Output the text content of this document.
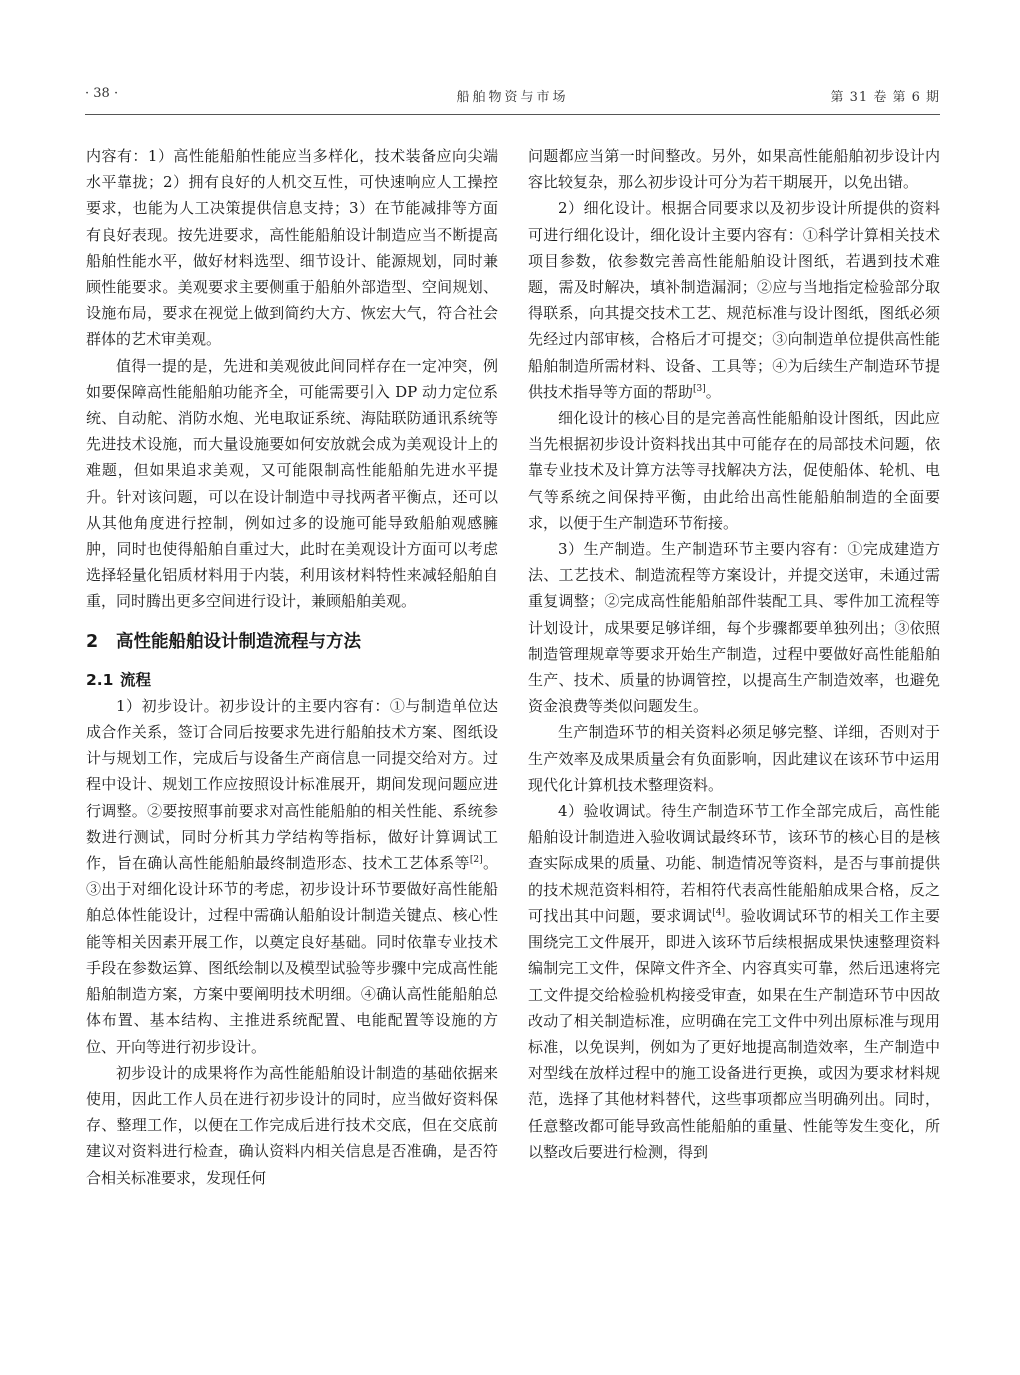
· 38 ·	船舶物资与市场	第 31 卷 第 6 期

内容有：1）高性能船舶性能应当多样化，技术装备应向尖端水平靠拢；2）拥有良好的人机交互性，可快速响应人工操控要求，也能为人工决策提供信息支持；3）在节能减排等方面有良好表现。按先进要求，高性能船舶设计制造应当不断提高船舶性能水平，做好材料选型、细节设计、能源规划，同时兼顾性能要求。美观要求主要侧重于船舶外部造型、空间规划、设施布局，要求在视觉上做到简约大方、恢宏大气，符合社会群体的艺术审美观。

值得一提的是，先进和美观彼此间同样存在一定冲突，例如要保障高性能船舶功能齐全，可能需要引入 DP 动力定位系统、自动舵、消防水炮、光电取证系统、海陆联防通讯系统等先进技术设施，而大量设施要如何安放就会成为美观设计上的难题，但如果追求美观，又可能限制高性能船舶先进水平提升。针对该问题，可以在设计制造中寻找两者平衡点，还可以从其他角度进行控制，例如过多的设施可能导致船舶观感臃肿，同时也使得船舶自重过大，此时在美观设计方面可以考虑选择轻量化铝质材料用于内装，利用该材料特性来减轻船舶自重，同时腾出更多空间进行设计，兼顾船舶美观。

2 高性能船舶设计制造流程与方法
2.1 流程

1）初步设计。初步设计的主要内容有：①与制造单位达成合作关系，签订合同后按要求先进行船舶技术方案、图纸设计与规划工作，完成后与设备生产商信息一同提交给对方。过程中设计、规划工作应按照设计标准展开，期间发现问题应进行调整。②要按照事前要求对高性能船舶的相关性能、系统参数进行测试，同时分析其力学结构等指标，做好计算调试工作，旨在确认高性能船舶最终制造形态、技术工艺体系等[2]。③出于对细化设计环节的考虑，初步设计环节要做好高性能船舶总体性能设计，过程中需确认船舶设计制造关键点、核心性能等相关因素开展工作，以奠定良好基础。同时依靠专业技术手段在参数运算、图纸绘制以及模型试验等步骤中完成高性能船舶制造方案，方案中要阐明技术明细。④确认高性能船舶总体布置、基本结构、主推进系统配置、电能配置等设施的方位、开向等进行初步设计。

初步设计的成果将作为高性能船舶设计制造的基础依据来使用，因此工作人员在进行初步设计的同时，应当做好资料保存、整理工作，以便在工作完成后进行技术交底，但在交底前建议对资料进行检查，确认资料内相关信息是否准确，是否符合相关标准要求，发现任何

问题都应当第一时间整改。另外，如果高性能船舶初步设计内容比较复杂，那么初步设计可分为若干期展开，以免出错。

2）细化设计。根据合同要求以及初步设计所提供的资料可进行细化设计，细化设计主要内容有：①科学计算相关技术项目参数，依参数完善高性能船舶设计图纸，若遇到技术难题，需及时解决，填补制造漏洞；②应与当地指定检验部分取得联系，向其提交技术工艺、规范标准与设计图纸，图纸必须先经过内部审核，合格后才可提交；③向制造单位提供高性能船舶制造所需材料、设备、工具等；④为后续生产制造环节提供技术指导等方面的帮助[3]。

细化设计的核心目的是完善高性能船舶设计图纸，因此应当先根据初步设计资料找出其中可能存在的局部技术问题，依靠专业技术及计算方法等寻找解决方法，促使船体、轮机、电气等系统之间保持平衡，由此给出高性能船舶制造的全面要求，以便于生产制造环节衔接。

3）生产制造。生产制造环节主要内容有：①完成建造方法、工艺技术、制造流程等方案设计，并提交送审，未通过需重复调整；②完成高性能船舶部件装配工具、零件加工流程等计划设计，成果要足够详细，每个步骤都要单独列出；③依照制造管理规章等要求开始生产制造，过程中要做好高性能船舶生产、技术、质量的协调管控，以提高生产制造效率，也避免资金浪费等类似问题发生。

生产制造环节的相关资料必须足够完整、详细，否则对于生产效率及成果质量会有负面影响，因此建议在该环节中运用现代化计算机技术整理资料。

4）验收调试。待生产制造环节工作全部完成后，高性能船舶设计制造进入验收调试最终环节，该环节的核心目的是核查实际成果的质量、功能、制造情况等资料，是否与事前提供的技术规范资料相符，若相符代表高性能船舶成果合格，反之可找出其中问题，要求调试[4]。验收调试环节的相关工作主要围绕完工文件展开，即进入该环节后续根据成果快速整理资料编制完工文件，保障文件齐全、内容真实可靠，然后迅速将完工文件提交给检验机构接受审查，如果在生产制造环节中因故改动了相关制造标准，应明确在完工文件中列出原标准与现用标准，以免误判，例如为了更好地提高制造效率，生产制造中对型线在放样过程中的施工设备进行更换，或因为要求材料规范，选择了其他材料替代，这些事项都应当明确列出。同时，任意整改都可能导致高性能船舶的重量、性能等发生变化，所以整改后要进行检测，得到
